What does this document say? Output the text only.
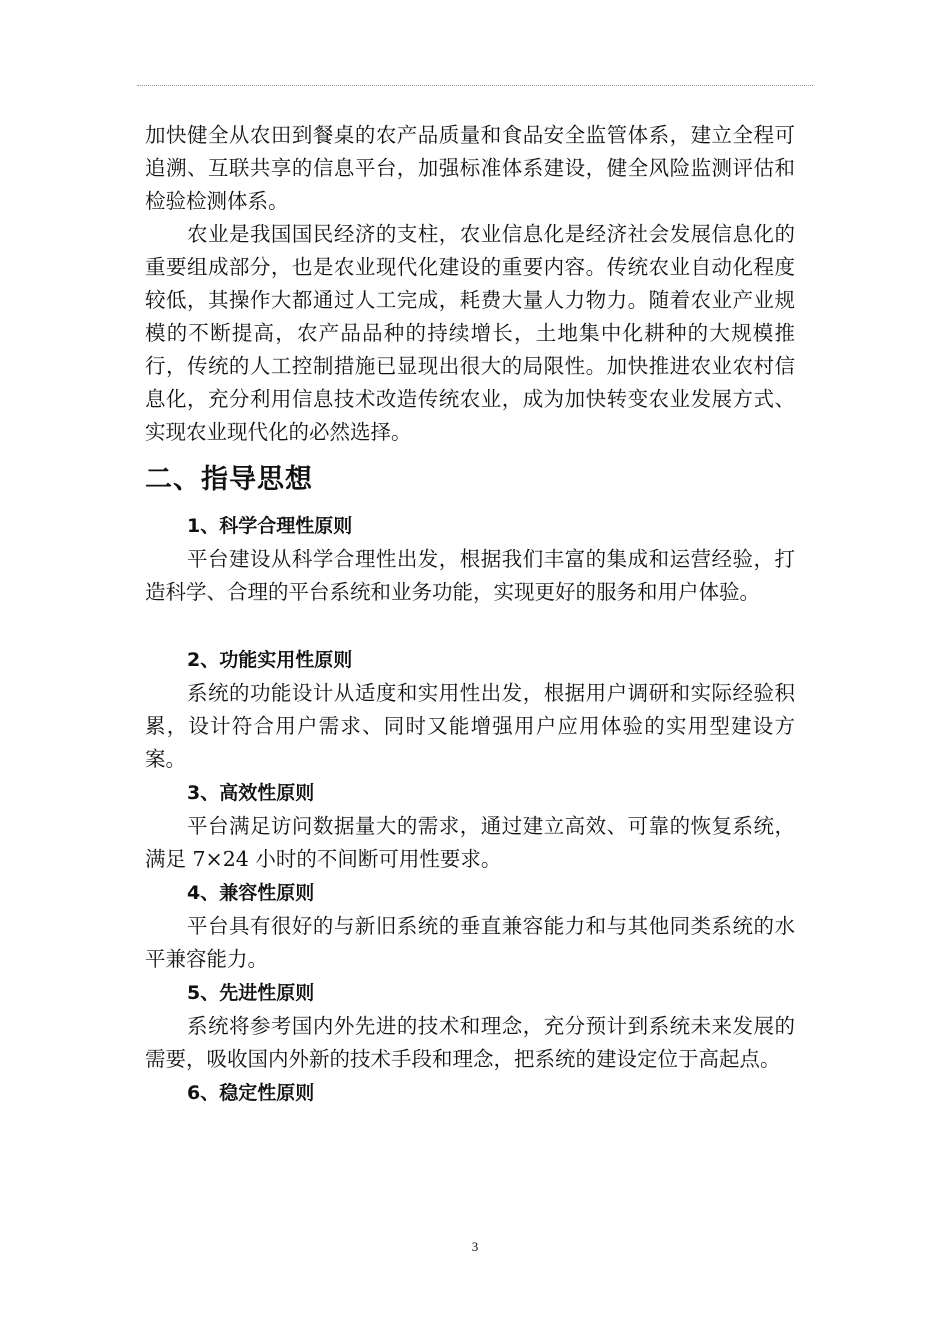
加快健全从农田到餐桌的农产品质量和食品安全监管体系，建立全程可追溯、互联共享的信息平台，加强标准体系建设，健全风险监测评估和检验检测体系。

农业是我国国民经济的支柱，农业信息化是经济社会发展信息化的重要组成部分，也是农业现代化建设的重要内容。传统农业自动化程度较低，其操作大都通过人工完成，耗费大量人力物力。随着农业产业规模的不断提高，农产品品种的持续增长，土地集中化耕种的大规模推行，传统的人工控制措施已显现出很大的局限性。加快推进农业农村信息化，充分利用信息技术改造传统农业，成为加快转变农业发展方式、实现农业现代化的必然选择。

二、指导思想
1、科学合理性原则

平台建设从科学合理性出发，根据我们丰富的集成和运营经验，打造科学、合理的平台系统和业务功能，实现更好的服务和用户体验。

2、功能实用性原则

系统的功能设计从适度和实用性出发，根据用户调研和实际经验积累，设计符合用户需求、同时又能增强用户应用体验的实用型建设方案。

3、高效性原则

平台满足访问数据量大的需求，通过建立高效、可靠的恢复系统，满足 7×24 小时的不间断可用性要求。

4、兼容性原则

平台具有很好的与新旧系统的垂直兼容能力和与其他同类系统的水平兼容能力。

5、先进性原则

系统将参考国内外先进的技术和理念，充分预计到系统未来发展的需要，吸收国内外新的技术手段和理念，把系统的建设定位于高起点。

6、稳定性原则
3
